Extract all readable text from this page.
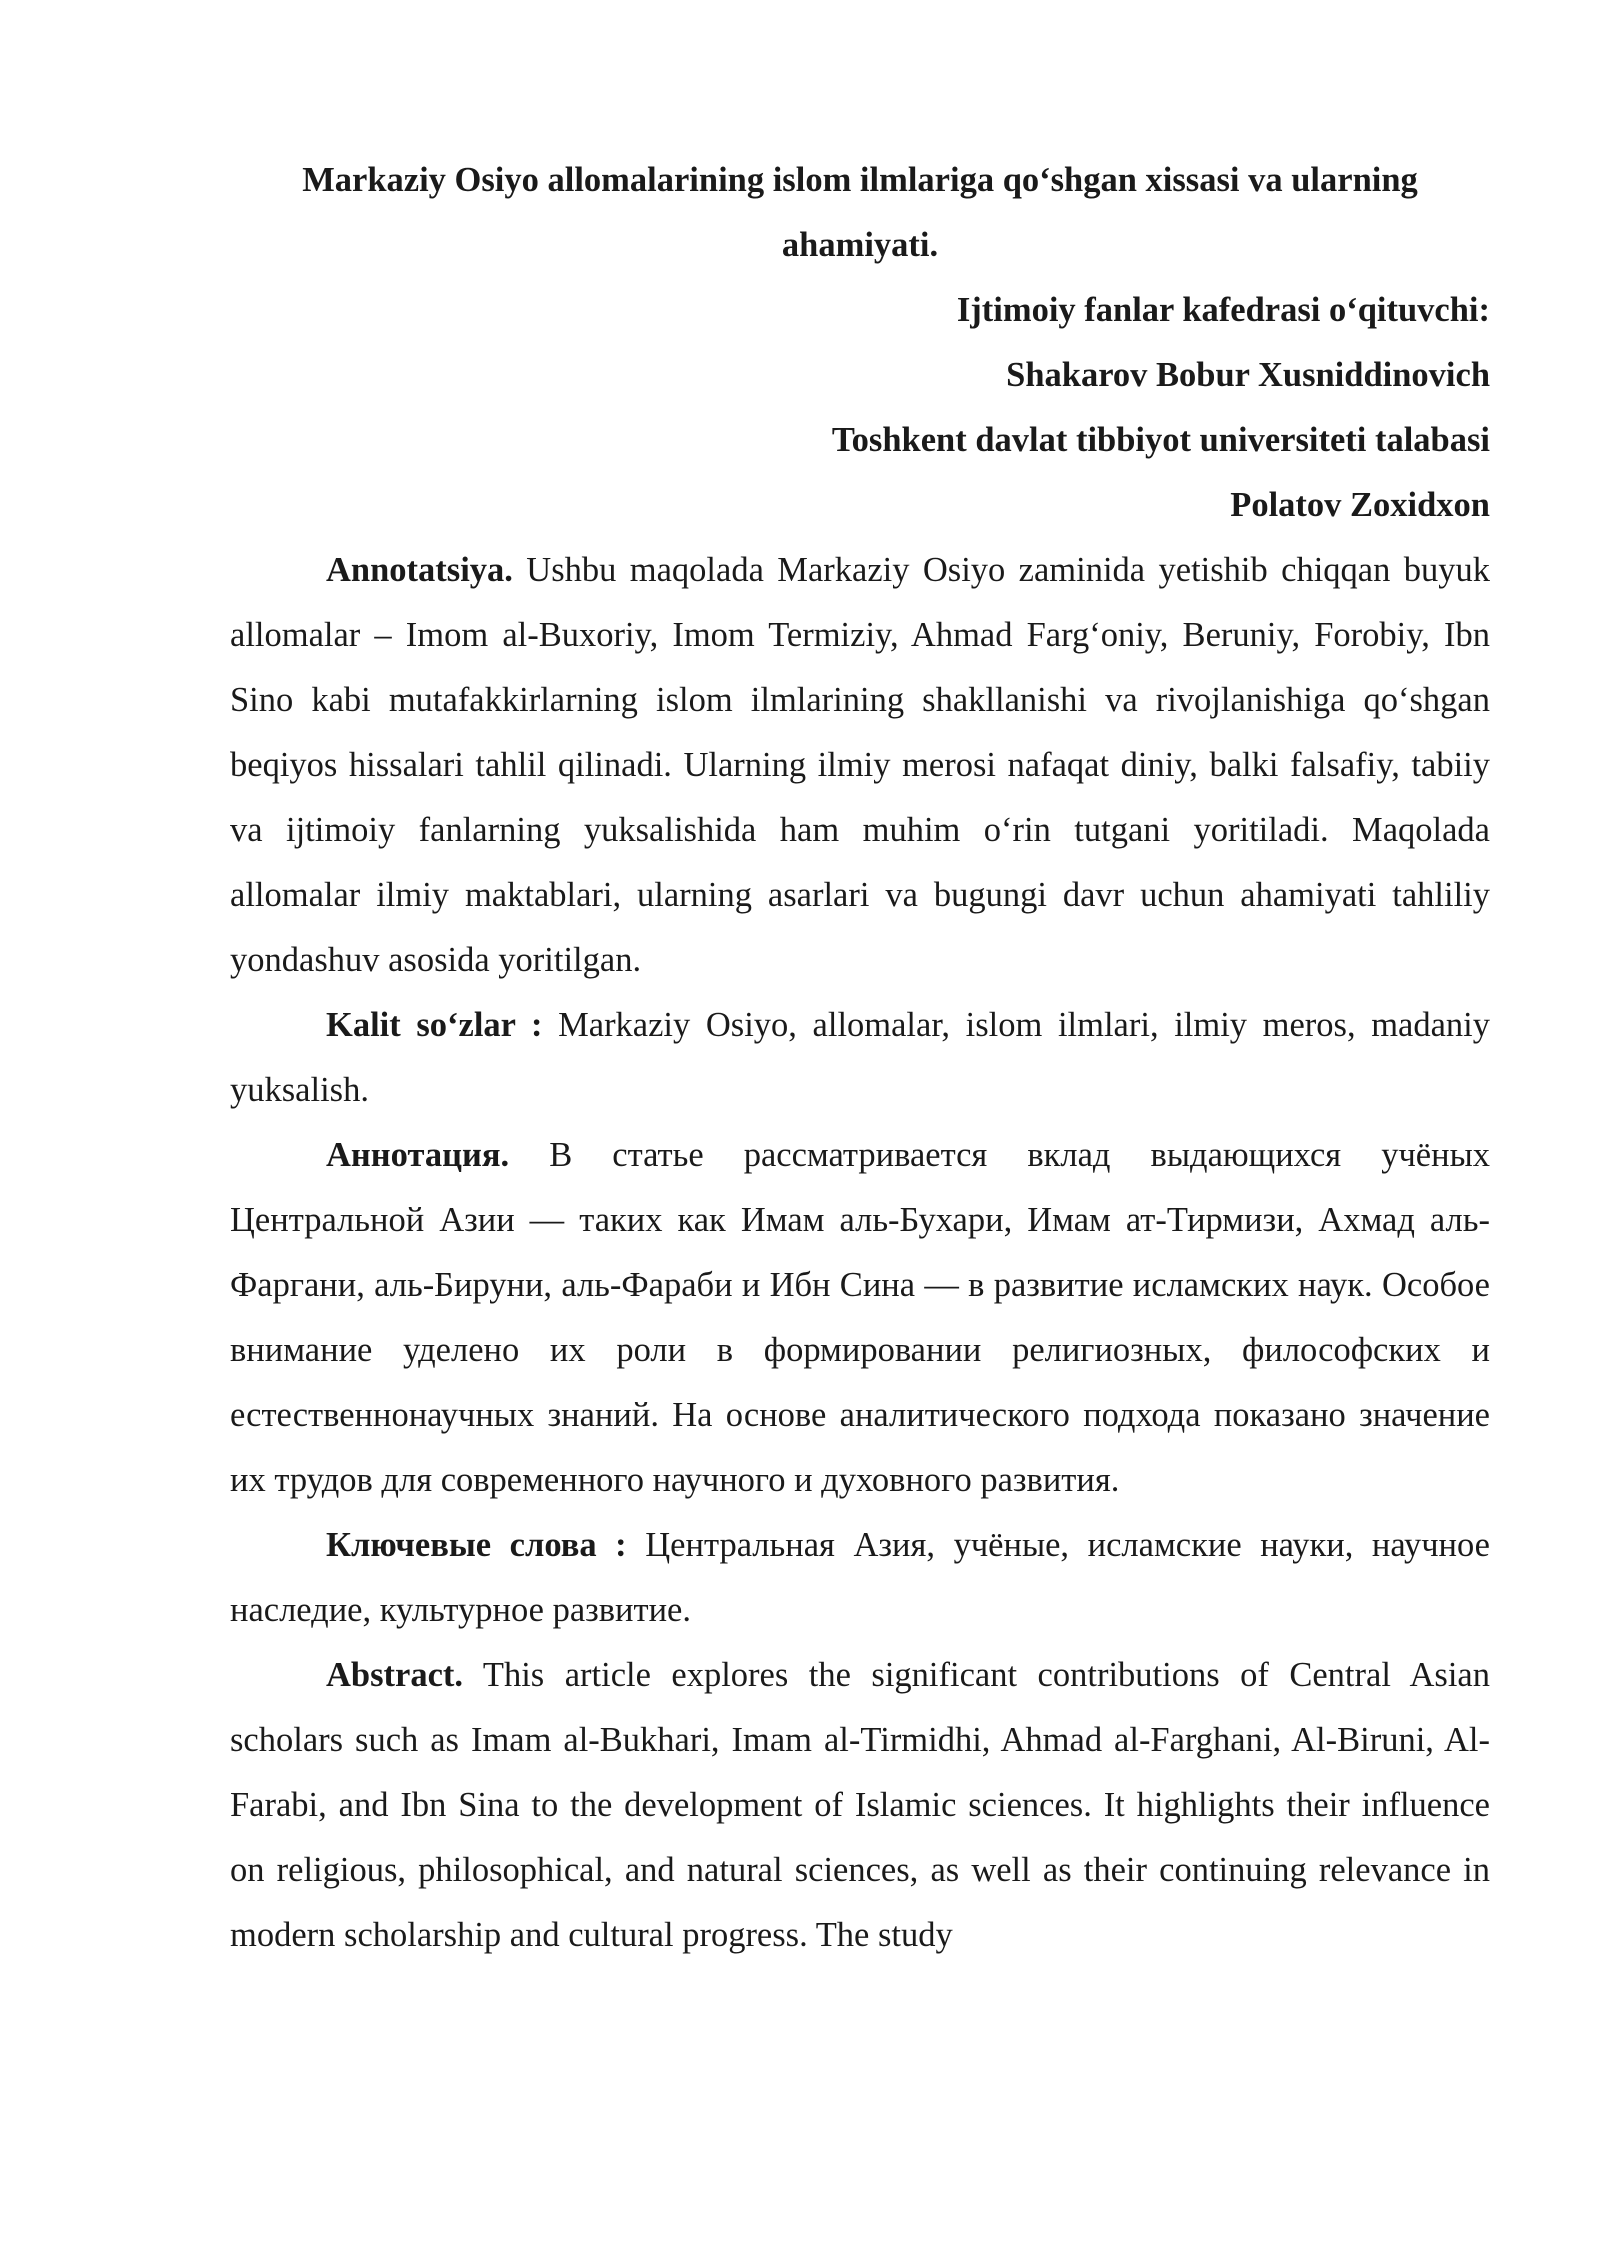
Markaziy Osiyo allomalarining islom ilmlariga qo‘shgan xissasi va ularning ahamiyati.

Ijtimoiy fanlar kafedrasi o‘qituvchi:

Shakarov Bobur Xusniddinovich

Toshkent davlat tibbiyot universiteti talabasi

Polatov Zoxidxon

Annotatsiya. Ushbu maqolada Markaziy Osiyo zaminida yetishib chiqqan buyuk allomalar – Imom al-Buxoriy, Imom Termiziy, Ahmad Farg‘oniy, Beruniy, Forobiy, Ibn Sino kabi mutafakkirlarning islom ilmlarining shakllanishi va rivojlanishiga qo‘shgan beqiyos hissalari tahlil qilinadi. Ularning ilmiy merosi nafaqat diniy, balki falsafiy, tabiiy va ijtimoiy fanlarning yuksalishida ham muhim o‘rin tutgani yoritiladi. Maqolada allomalar ilmiy maktablari, ularning asarlari va bugungi davr uchun ahamiyati tahliliy yondashuv asosida yoritilgan.

Kalit so‘zlar : Markaziy Osiyo, allomalar, islom ilmlari, ilmiy meros, madaniy yuksalish.

Аннотация. В статье рассматривается вклад выдающихся учёных Центральной Азии — таких как Имам аль-Бухари, Имам ат-Тирмизи, Ахмад аль-Фаргани, аль-Бируни, аль-Фараби и Ибн Сина — в развитие исламских наук. Особое внимание уделено их роли в формировании религиозных, философских и естественнонаучных знаний. На основе аналитического подхода показано значение их трудов для современного научного и духовного развития.

Ключевые слова : Центральная Азия, учёные, исламские науки, научное наследие, культурное развитие.

Abstract. This article explores the significant contributions of Central Asian scholars such as Imam al-Bukhari, Imam al-Tirmidhi, Ahmad al-Farghani, Al-Biruni, Al-Farabi, and Ibn Sina to the development of Islamic sciences. It highlights their influence on religious, philosophical, and natural sciences, as well as their continuing relevance in modern scholarship and cultural progress. The study
